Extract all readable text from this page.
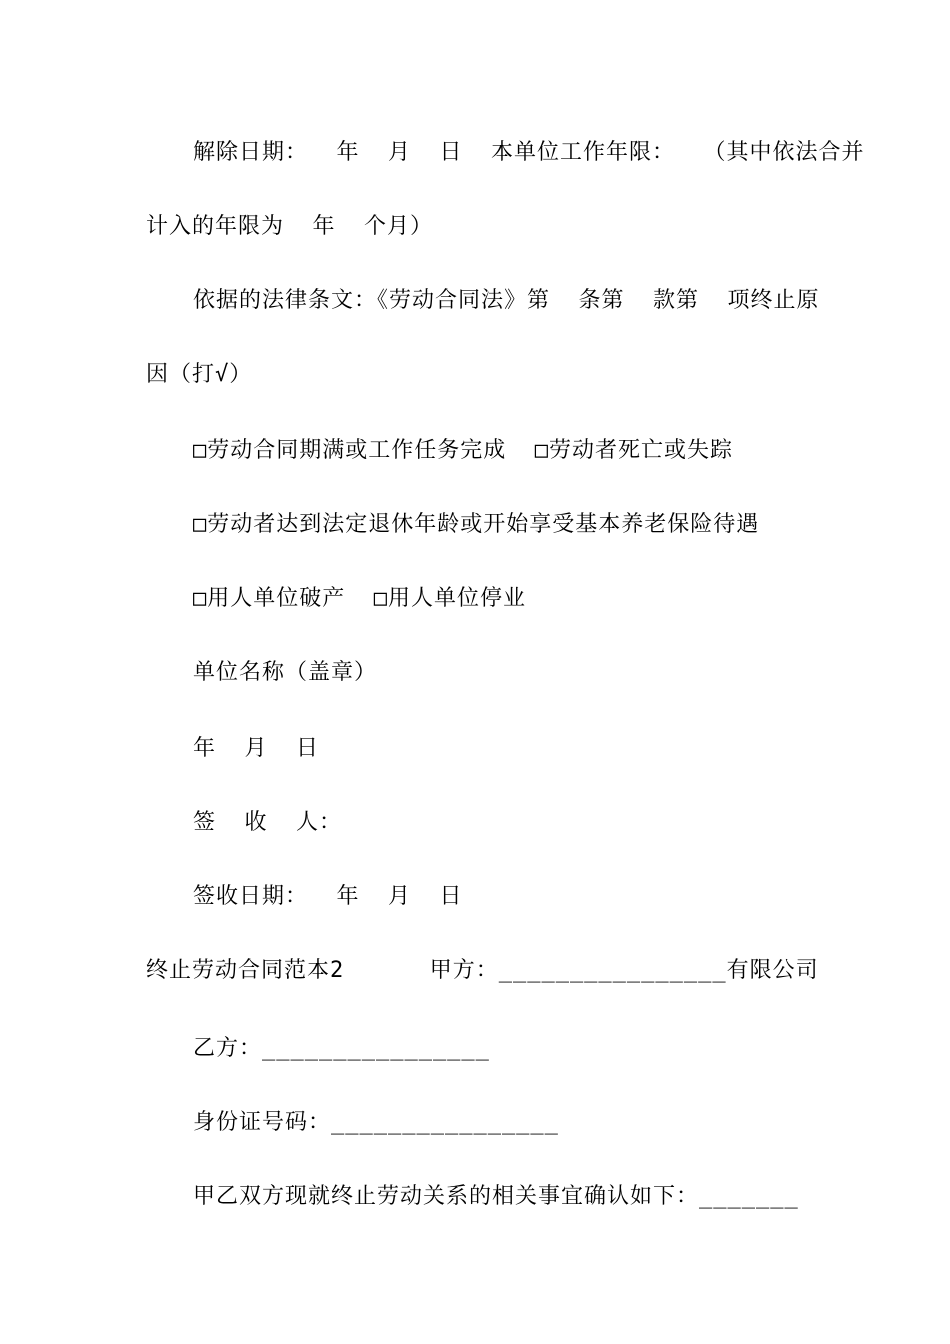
解除日期：  年  月  日  本单位工作年限：  （其中依法合并
计入的年限为  年  个月）
依据的法律条文：《劳动合同法》第  条第  款第  项终止原
因（打√）
□劳动合同期满或工作任务完成  □劳动者死亡或失踪
□劳动者达到法定退休年龄或开始享受基本养老保险待遇
□用人单位破产  □用人单位停业
单位名称（盖章）
年  月  日
签  收  人：
签收日期：  年  月  日
终止劳动合同范本2      甲方：________________有限公司
乙方：________________
身份证号码：________________
甲乙双方现就终止劳动关系的相关事宜确认如下：_______
